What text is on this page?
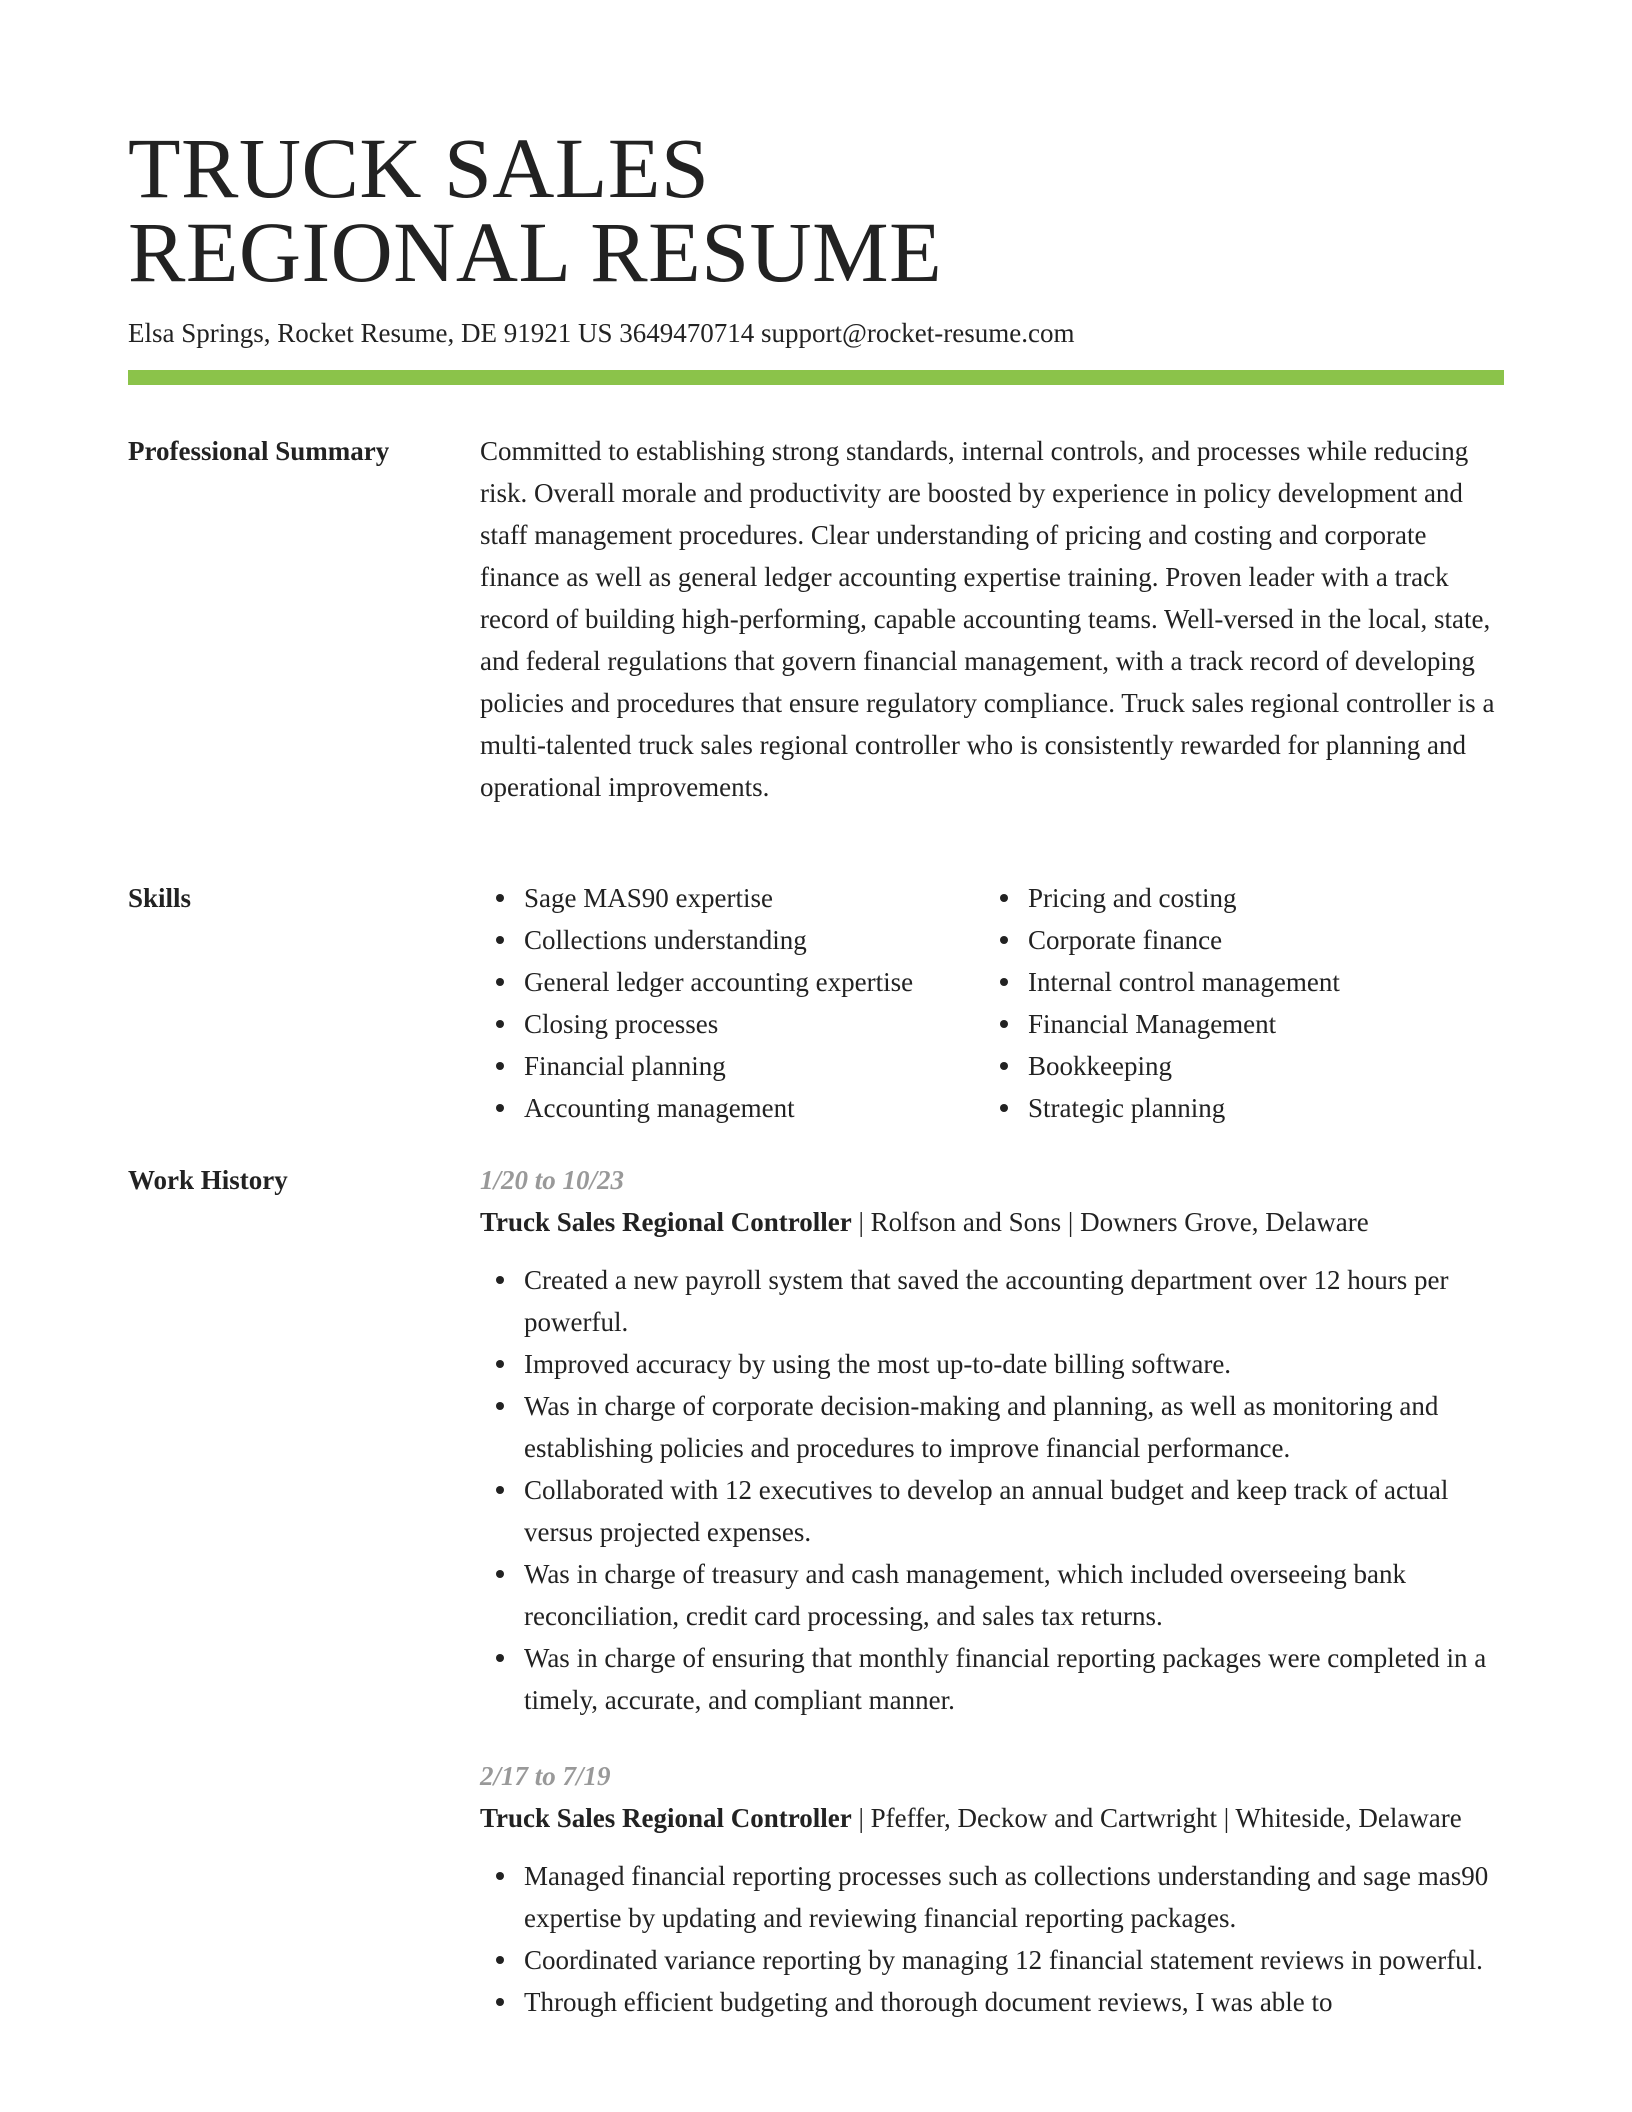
TRUCK SALES
REGIONAL RESUME
Elsa Springs, Rocket Resume, DE 91921 US 3649470714 support@rocket-resume.com
Professional Summary	Committed to establishing strong standards, internal controls, and processes while reducing risk. Overall morale and productivity are boosted by experience in policy development and staff management procedures. Clear understanding of pricing and costing and corporate finance as well as general ledger accounting expertise training. Proven leader with a track record of building high-performing, capable accounting teams. Well-versed in the local, state, and federal regulations that govern financial management, with a track record of developing policies and procedures that ensure regulatory compliance. Truck sales regional controller is a multi-talented truck sales regional controller who is consistently rewarded for planning and operational improvements.

Skills	Sage MAS90 expertise
Collections understanding
General ledger accounting expertise
Closing processes
Financial planning
Accounting management
Pricing and costing
Corporate finance
Internal control management
Financial Management
Bookkeeping
Strategic planning
Work History	1/20 to 10/23
Truck Sales Regional Controller | Rolfson and Sons | Downers Grove, Delaware
Created a new payroll system that saved the accounting department over 12 hours per powerful.
Improved accuracy by using the most up-to-date billing software.
Was in charge of corporate decision-making and planning, as well as monitoring and establishing policies and procedures to improve financial performance.
Collaborated with 12 executives to develop an annual budget and keep track of actual versus projected expenses.
Was in charge of treasury and cash management, which included overseeing bank reconciliation, credit card processing, and sales tax returns.
Was in charge of ensuring that monthly financial reporting packages were completed in a timely, accurate, and compliant manner.
2/17 to 7/19
Truck Sales Regional Controller | Pfeffer, Deckow and Cartwright | Whiteside, Delaware
Managed financial reporting processes such as collections understanding and sage mas90 expertise by updating and reviewing financial reporting packages.
Coordinated variance reporting by managing 12 financial statement reviews in powerful.
Through efficient budgeting and thorough document reviews, I was able to
